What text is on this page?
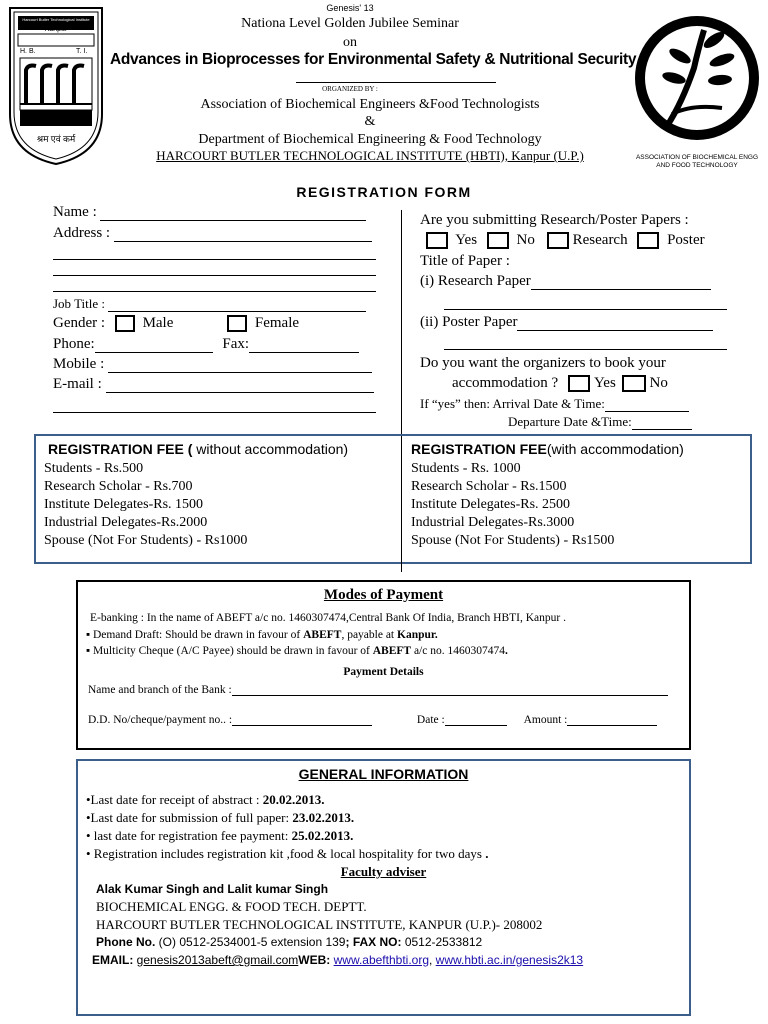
Harcourt Butler Technological Institute
Kanpur
H. B.	T. I.
श्रम एवं कर्म
ASSOCIATION OF BIOCHEMICAL ENGG AND FOOD TECHNOLOGY
Genesis' 13
Nationa Level Golden Jubilee Seminar
on
Advances in Bioprocesses for Environmental Safety & Nutritional Security
ORGANIZED BY :
Association of Biochemical Engineers &Food Technologists
&
Department of Biochemical Engineering & Food Technology
HARCOURT BUTLER TECHNOLOGICAL INSTITUTE (HBTI), Kanpur (U.P.)
REGISTRATION FORM
Name :
Address :
Job Title :
Gender :	Male	Female
Phone:	Fax:
Mobile :
E-mail :
Are you submitting Research/Poster Papers :
Yes	No	Research	Poster
Title of Paper :
(i) Research Paper
(ii) Poster Paper
Do you want the organizers to book your
accommodation ? Yes No
If “yes” then: Arrival Date & Time:
Departure Date &Time:
REGISTRATION FEE ( without accommodation)
Students - Rs.500
Research Scholar - Rs.700
Institute Delegates-Rs. 1500
Industrial Delegates-Rs.2000
Spouse (Not For Students) - Rs1000
REGISTRATION FEE(with accommodation)
Students - Rs. 1000
Research Scholar - Rs.1500
Institute Delegates-Rs. 2500
Industrial Delegates-Rs.3000
Spouse (Not For Students) - Rs1500
Modes of Payment
E-banking : In the name of ABEFT a/c no. 1460307474,Central Bank Of India, Branch HBTI, Kanpur .
▪ Demand Draft: Should be drawn in favour of ABEFT, payable at Kanpur.
▪ Multicity Cheque (A/C Payee) should be drawn in favour of ABEFT a/c no. 1460307474.
Payment Details
Name and branch of the Bank :
D.D. No/cheque/payment no.. :	Date :	Amount :
GENERAL INFORMATION
•Last date for receipt of abstract : 20.02.2013.
•Last date for submission of full paper: 23.02.2013.
• last date for registration fee payment: 25.02.2013.
• Registration includes registration kit ,food & local hospitality for two days .
Faculty adviser
Alak Kumar Singh and Lalit kumar Singh
BIOCHEMICAL ENGG. & FOOD TECH. DEPTT.
HARCOURT BUTLER TECHNOLOGICAL INSTITUTE, KANPUR (U.P.)- 208002
Phone No. (O) 0512-2534001-5 extension 139; FAX NO: 0512-2533812
EMAIL: genesis2013abeft@gmail.comWEB: www.abefthbti.org, www.hbti.ac.in/genesis2k13
